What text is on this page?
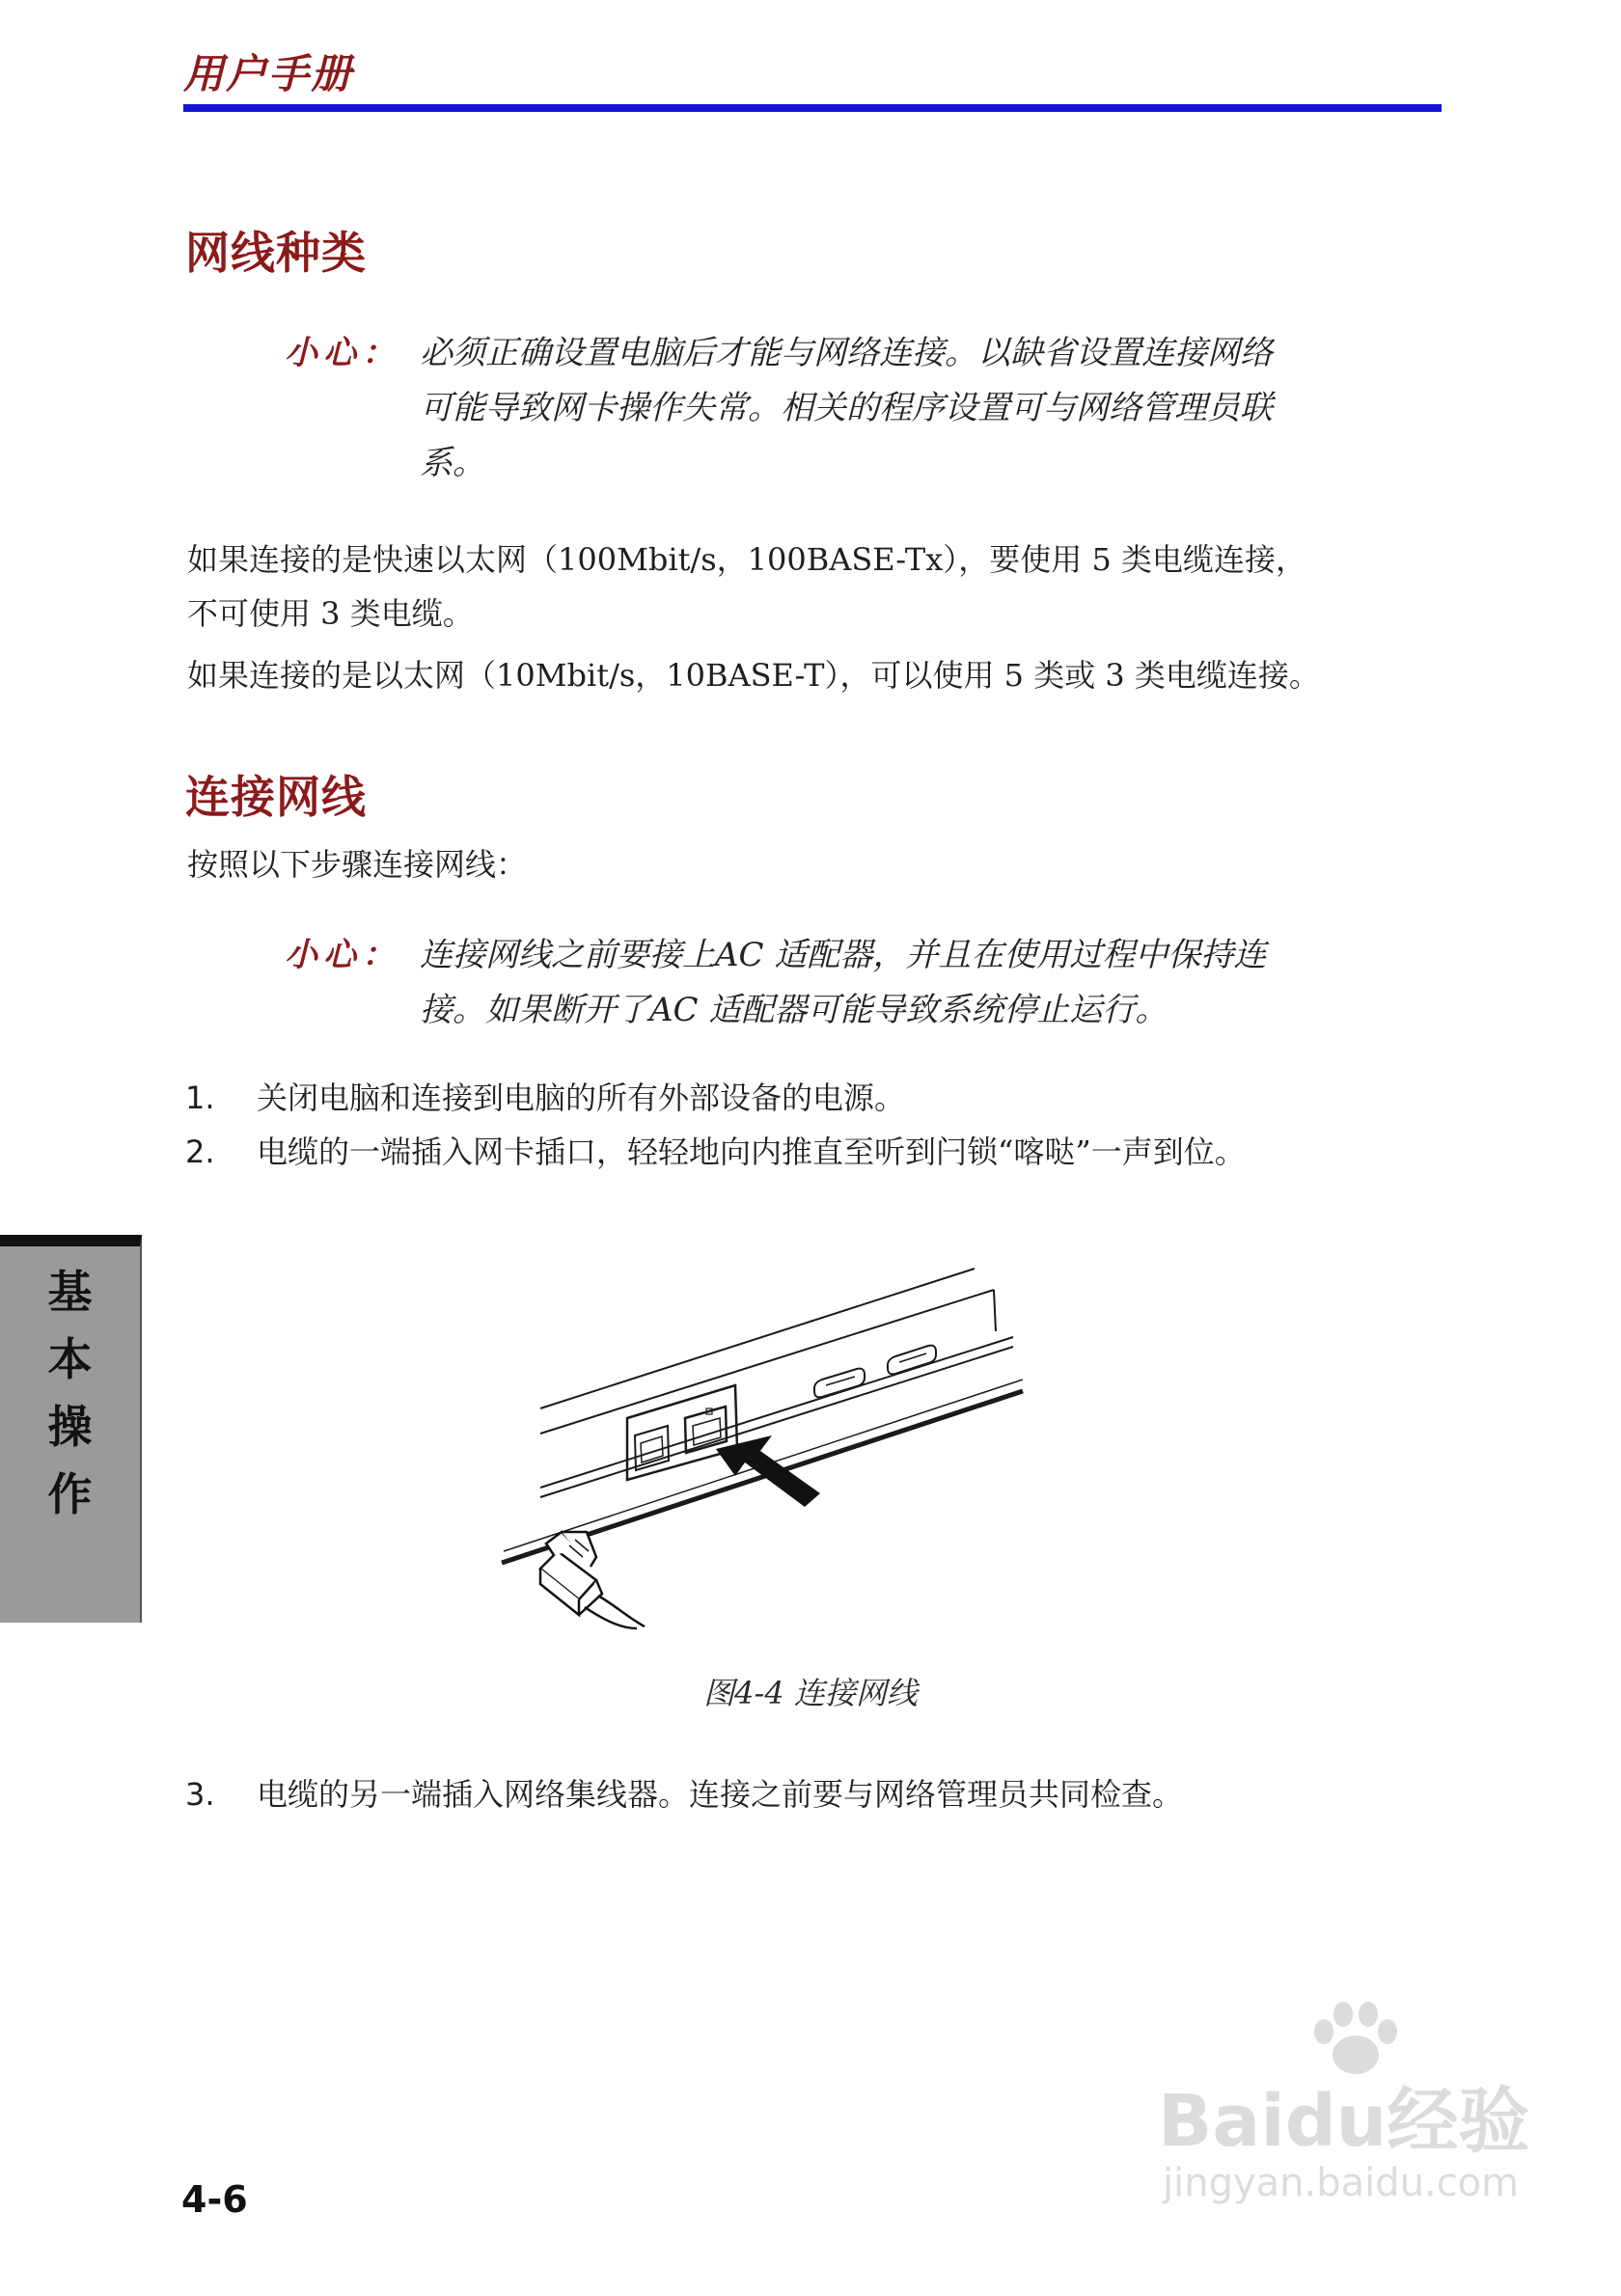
用户手册
网线种类
小心： 必须正确设置电脑后才能与网络连接。以缺省设置连接网络
可能导致网卡操作失常。相关的程序设置可与网络管理员联
系。
如果连接的是快速以太网（100Mbit/s，100BASE-Tx），要使用 5 类电缆连接，
不可使用 3 类电缆。
如果连接的是以太网（10Mbit/s，10BASE-T），可以使用 5 类或 3 类电缆连接。
连接网线
按照以下步骤连接网线：
小心： 连接网线之前要接上AC 适配器，并且在使用过程中保持连
接。如果断开了AC 适配器可能导致系统停止运行。
1.	关闭电脑和连接到电脑的所有外部设备的电源。
2.	电缆的一端插入网卡插口，轻轻地向内推直至听到闩锁“喀哒”一声到位。
基
本
操
作
图4-4 连接网线
3.	电缆的另一端插入网络集线器。连接之前要与网络管理员共同检查。
4-6
Baidu经验
jingyan.baidu.com
